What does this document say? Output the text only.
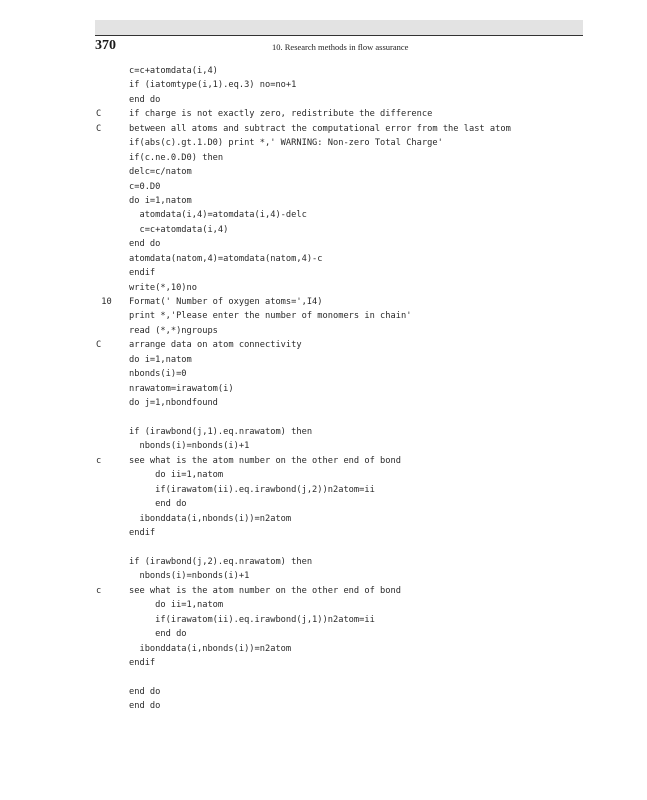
370	10. Research methods in flow assurance
c=c+atomdata(i,4)
if (iatomtype(i,1).eq.3) no=no+1
end do
C	if charge is not exactly zero, redistribute the difference
C	between all atoms and subtract the computational error from the last atom
if(abs(c).gt.1.D0) print *,' WARNING: Non-zero Total Charge'
if(c.ne.0.D0) then
delc=c/natom
c=0.D0
do i=1,natom
atomdata(i,4)=atomdata(i,4)-delc
c=c+atomdata(i,4)
end do
atomdata(natom,4)=atomdata(natom,4)-c
endif
write(*,10)no
10 Format(' Number of oxygen atoms=',I4)
print *,'Please enter the number of monomers in chain'
read (*,*)ngroups
C	arrange data on atom connectivity
do i=1,natom
nbonds(i)=0
nrawatom=irawatom(i)
do j=1,nbondfound
if (irawbond(j,1).eq.nrawatom) then
nbonds(i)=nbonds(i)+1
c	see what is the atom number on the other end of bond
do ii=1,natom
if(irawatom(ii).eq.irawbond(j,2))n2atom=ii
end do
ibonddata(i,nbonds(i))=n2atom
endif
if (irawbond(j,2).eq.nrawatom) then
nbonds(i)=nbonds(i)+1
c	see what is the atom number on the other end of bond
do ii=1,natom
if(irawatom(ii).eq.irawbond(j,1))n2atom=ii
end do
ibonddata(i,nbonds(i))=n2atom
endif
end do
end do
